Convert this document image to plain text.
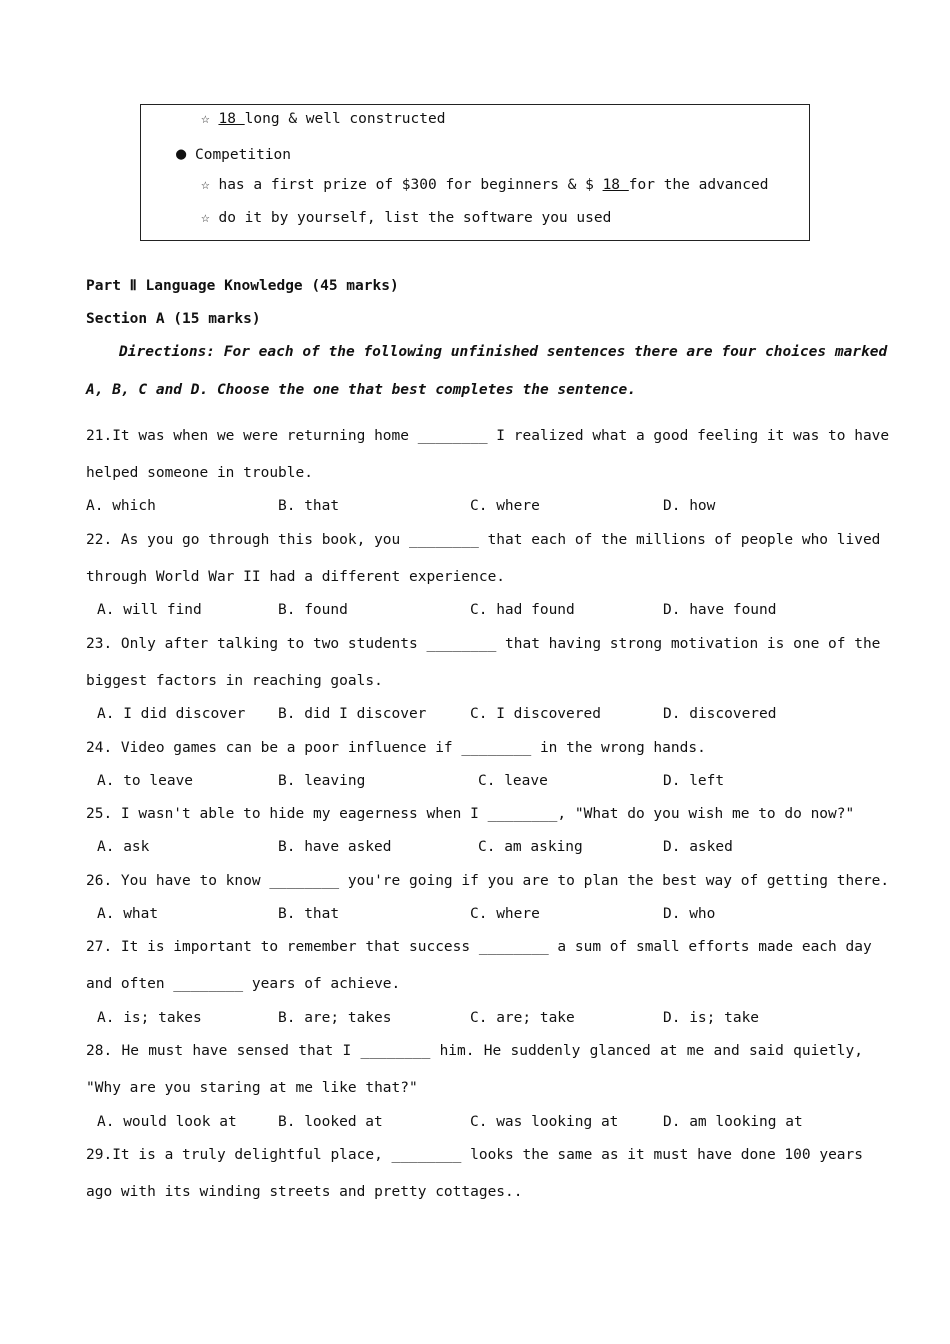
☆ 18 long & well constructed
● Competition
☆ has a first prize of $300 for beginners & $ 18 for the advanced
☆ do it by yourself, list the software you used
Part Ⅱ Language Knowledge (45 marks)
Section A (15 marks)
Directions: For each of the following unfinished sentences there are four choices marked
A, B, C and D. Choose the one that best completes the sentence.
21.It was when we were returning home ________ I realized what a good feeling it was to have
helped someone in trouble.
A. which	B. that	C. where	D. how
22. As you go through this book, you ________ that each of the millions of people who lived
through World War II had a different experience.
A. will find	B. found	C. had found	D. have found
23. Only after talking to two students ________ that having strong motivation is one of the
biggest factors in reaching goals.
A. I did discover B. did I discover	C. I discovered	D. discovered
24. Video games can be a poor influence if ________ in the wrong hands.
A. to leave	B. leaving	C. leave	D. left
25. I wasn't able to hide my eagerness when I ________, "What do you wish me to do now?"
A. ask	B. have asked	C. am asking	D. asked
26. You have to know ________ you're going if you are to plan the best way of getting there.
A. what	B. that	C. where	D. who
27. It is important to remember that success ________ a sum of small efforts made each day
and often ________ years of achieve.
A. is; takes	B. are; takes	C. are; take	D. is; take
28. He must have sensed that I ________ him. He suddenly glanced at me and said quietly,
"Why are you staring at me like that?"
A. would look at	B. looked at	C. was looking at	D. am looking at
29.It is a truly delightful place, ________ looks the same as it must have done 100 years
ago with its winding streets and pretty cottages..
